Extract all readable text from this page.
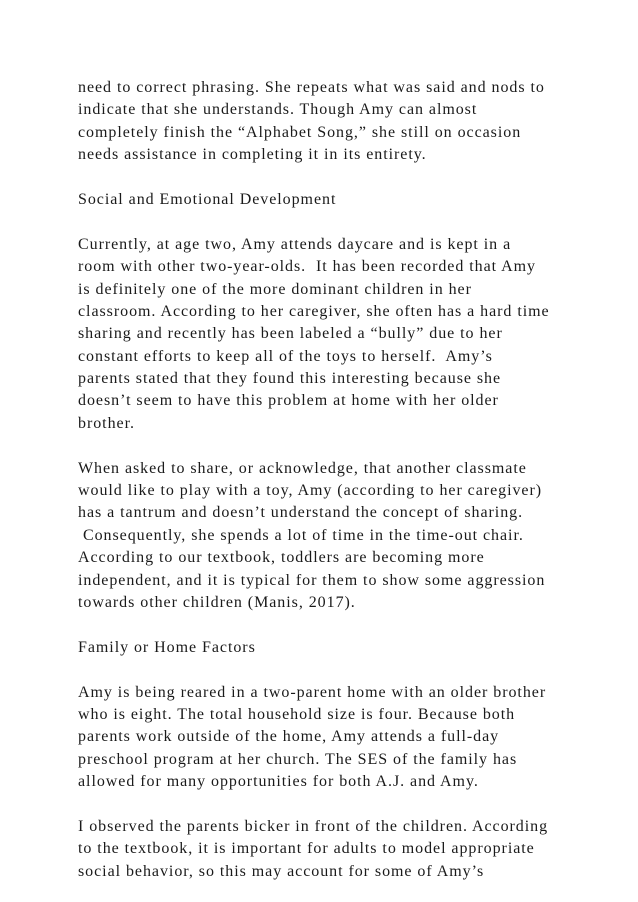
need to correct phrasing. She repeats what was said and nods to
indicate that she understands. Though Amy can almost
completely finish the “Alphabet Song,” she still on occasion
needs assistance in completing it in its entirety.
Social and Emotional Development
Currently, at age two, Amy attends daycare and is kept in a
room with other two-year-olds.  It has been recorded that Amy
is definitely one of the more dominant children in her
classroom. According to her caregiver, she often has a hard time
sharing and recently has been labeled a “bully” due to her
constant efforts to keep all of the toys to herself.  Amy’s
parents stated that they found this interesting because she
doesn’t seem to have this problem at home with her older
brother.
When asked to share, or acknowledge, that another classmate
would like to play with a toy, Amy (according to her caregiver)
has a tantrum and doesn’t understand the concept of sharing.
Consequently, she spends a lot of time in the time-out chair.
According to our textbook, toddlers are becoming more
independent, and it is typical for them to show some aggression
towards other children (Manis, 2017).
Family or Home Factors
Amy is being reared in a two-parent home with an older brother
who is eight. The total household size is four. Because both
parents work outside of the home, Amy attends a full-day
preschool program at her church. The SES of the family has
allowed for many opportunities for both A.J. and Amy.
I observed the parents bicker in front of the children. According
to the textbook, it is important for adults to model appropriate
social behavior, so this may account for some of Amy’s
